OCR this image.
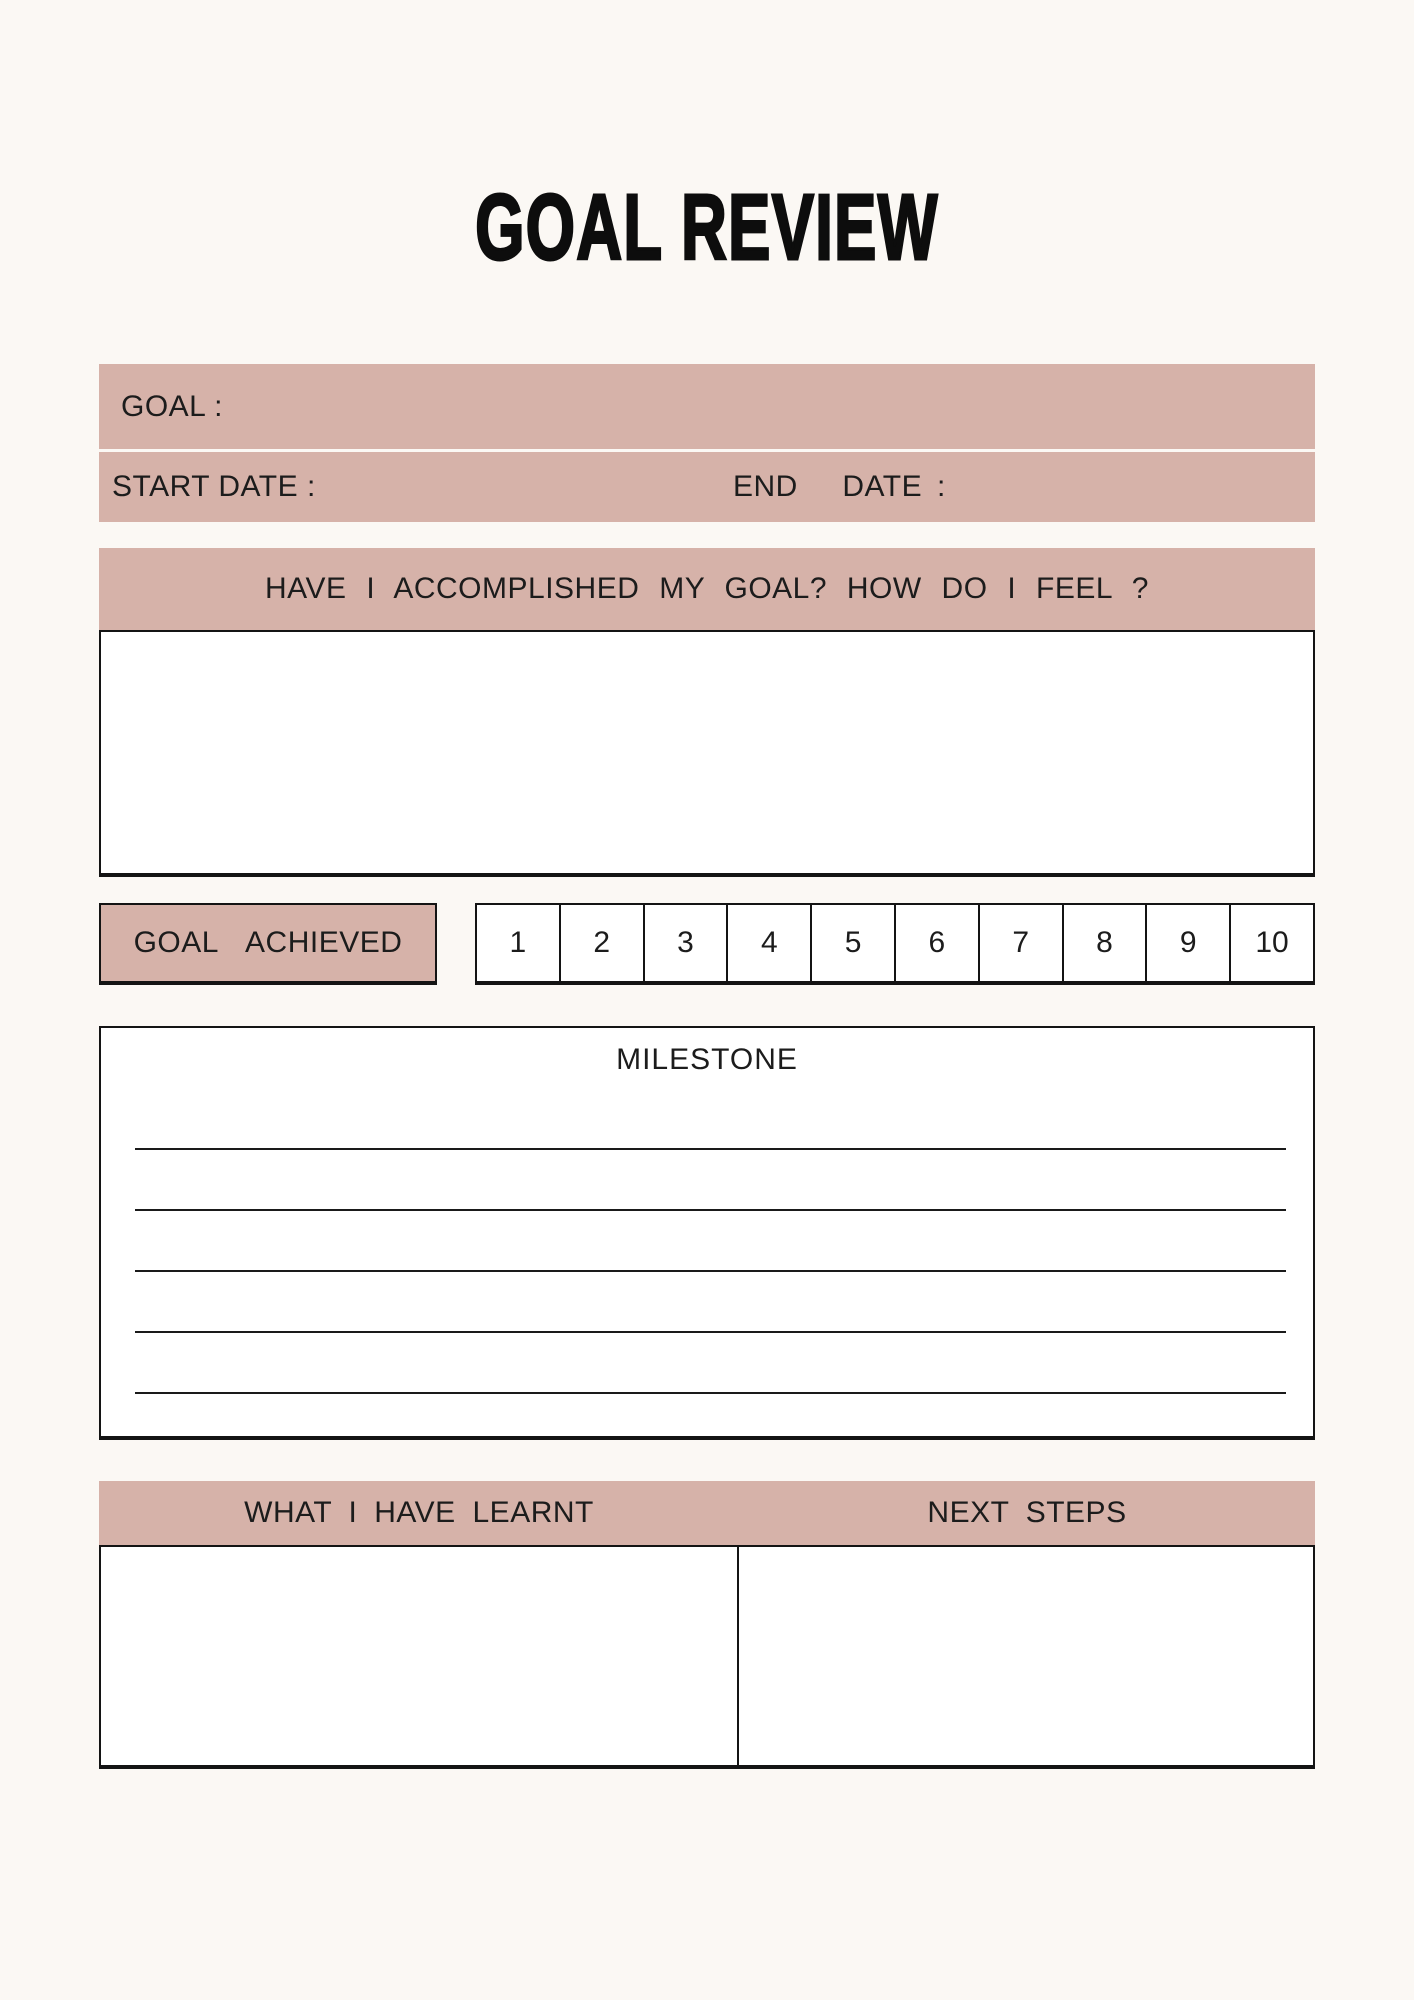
GOAL REVIEW
GOAL :
START DATE :	END   DATE :
HAVE I ACCOMPLISHED MY GOAL? HOW DO I FEEL ?
GOAL ACHIEVED	1 2 3 4 5 6 7 8 9 10
MILESTONE
WHAT I HAVE LEARNT	NEXT STEPS
